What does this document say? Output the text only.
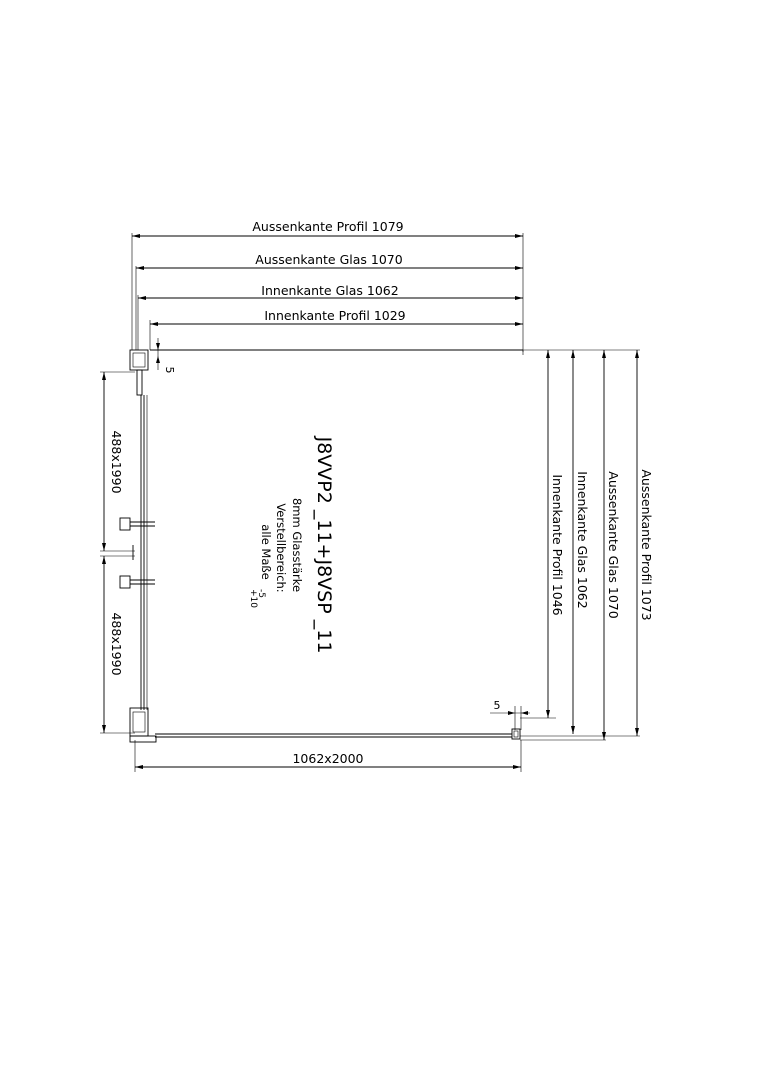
Aussenkante Profil 1079
Aussenkante Glas 1070
Innenkante Glas 1062
Innenkante Profil 1029
5
488x1990
488x1990
Innenkante Profil 1046 Innenkante Glas 1062 Aussenkante Glas 1070 Aussenkante Profil 1073
5
1062x2000
J8VVP2 _11+J8VSP _11
8mm Glasstärke
Verstellbereich:
alle Maße
-5
+10
